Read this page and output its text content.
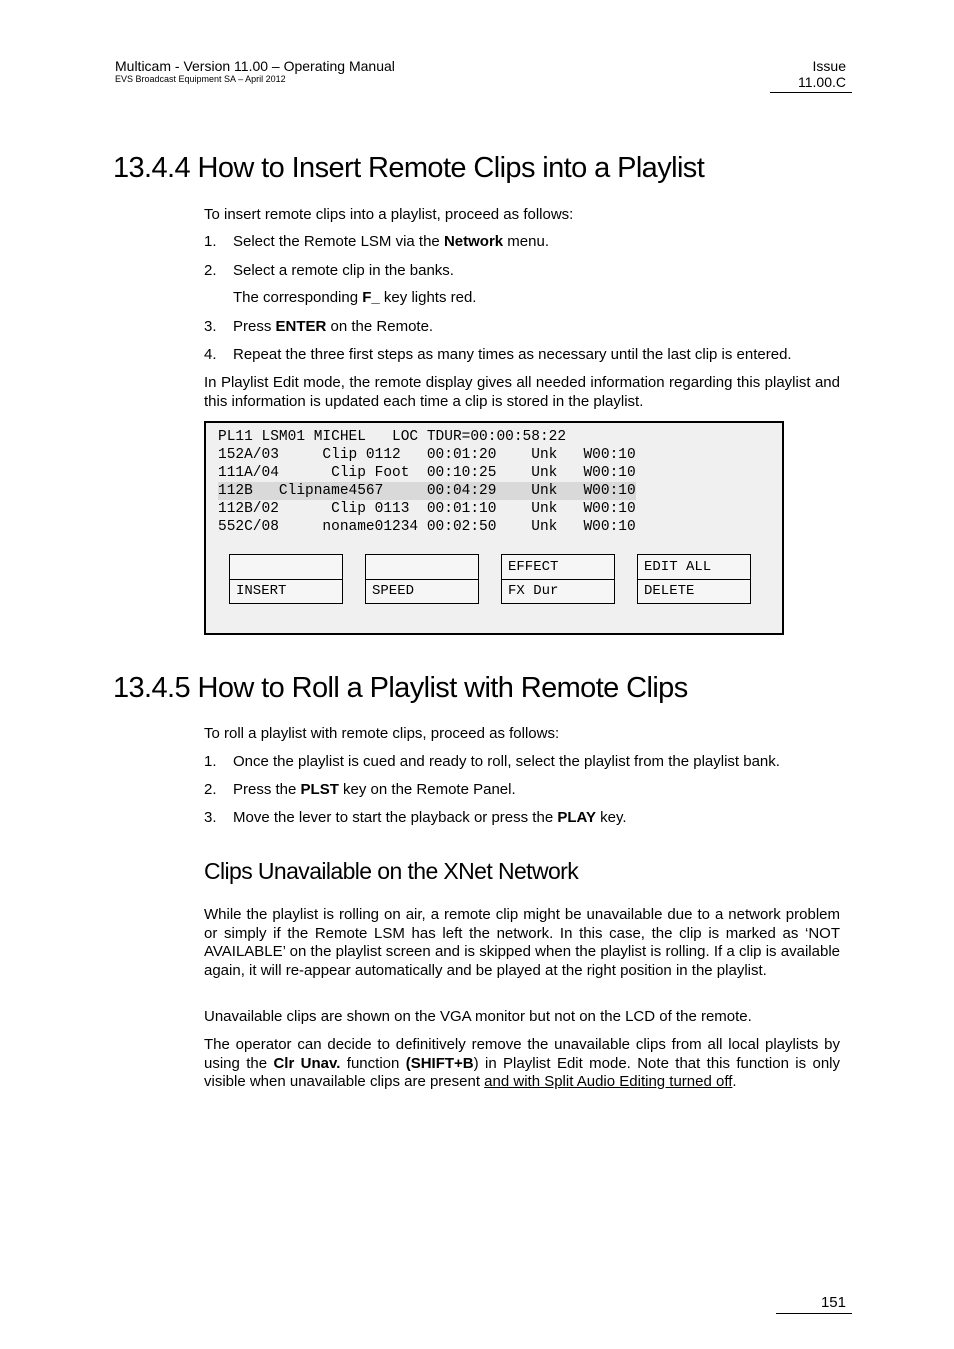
Multicam - Version 11.00 – Operating Manual
EVS Broadcast Equipment SA – April 2012
Issue
11.00.C
13.4.4 How to Insert Remote Clips into a Playlist
To insert remote clips into a playlist, proceed as follows:
1. Select the Remote LSM via the Network menu.
2. Select a remote clip in the banks.
The corresponding F_ key lights red.
3. Press ENTER on the Remote.
4. Repeat the three first steps as many times as necessary until the last clip is entered.
In Playlist Edit mode, the remote display gives all needed information regarding this playlist and this information is updated each time a clip is stored in the playlist.
PL11 LSM01 MICHEL   LOC TDUR=00:00:58:22
152A/03     Clip 0112   00:01:20    Unk   W00:10
111A/04      Clip Foot  00:10:25    Unk   W00:10
112B   Clipname4567     00:04:29    Unk   W00:10
112B/02      Clip 0113  00:01:10    Unk   W00:10
552C/08     noname01234 00:02:50    Unk   W00:10
INSERT	SPEED
EFFECT
FX Dur
EDIT ALL
DELETE
13.4.5 How to Roll a Playlist with Remote Clips
To roll a playlist with remote clips, proceed as follows:
1. Once the playlist is cued and ready to roll, select the playlist from the playlist bank.
2. Press the PLST key on the Remote Panel.
3. Move the lever to start the playback or press the PLAY key.
Clips Unavailable on the XNet Network
While the playlist is rolling on air, a remote clip might be unavailable due to a network problem or simply if the Remote LSM has left the network. In this case, the clip is marked as ‘NOT AVAILABLE’ on the playlist screen and is skipped when the playlist is rolling. If a clip is available again, it will re-appear automatically and be played at the right position in the playlist.
Unavailable clips are shown on the VGA monitor but not on the LCD of the remote.
The operator can decide to definitively remove the unavailable clips from all local playlists by using the Clr Unav. function (SHIFT+B) in Playlist Edit mode. Note that this function is only visible when unavailable clips are present and with Split Audio Editing turned off.
151
